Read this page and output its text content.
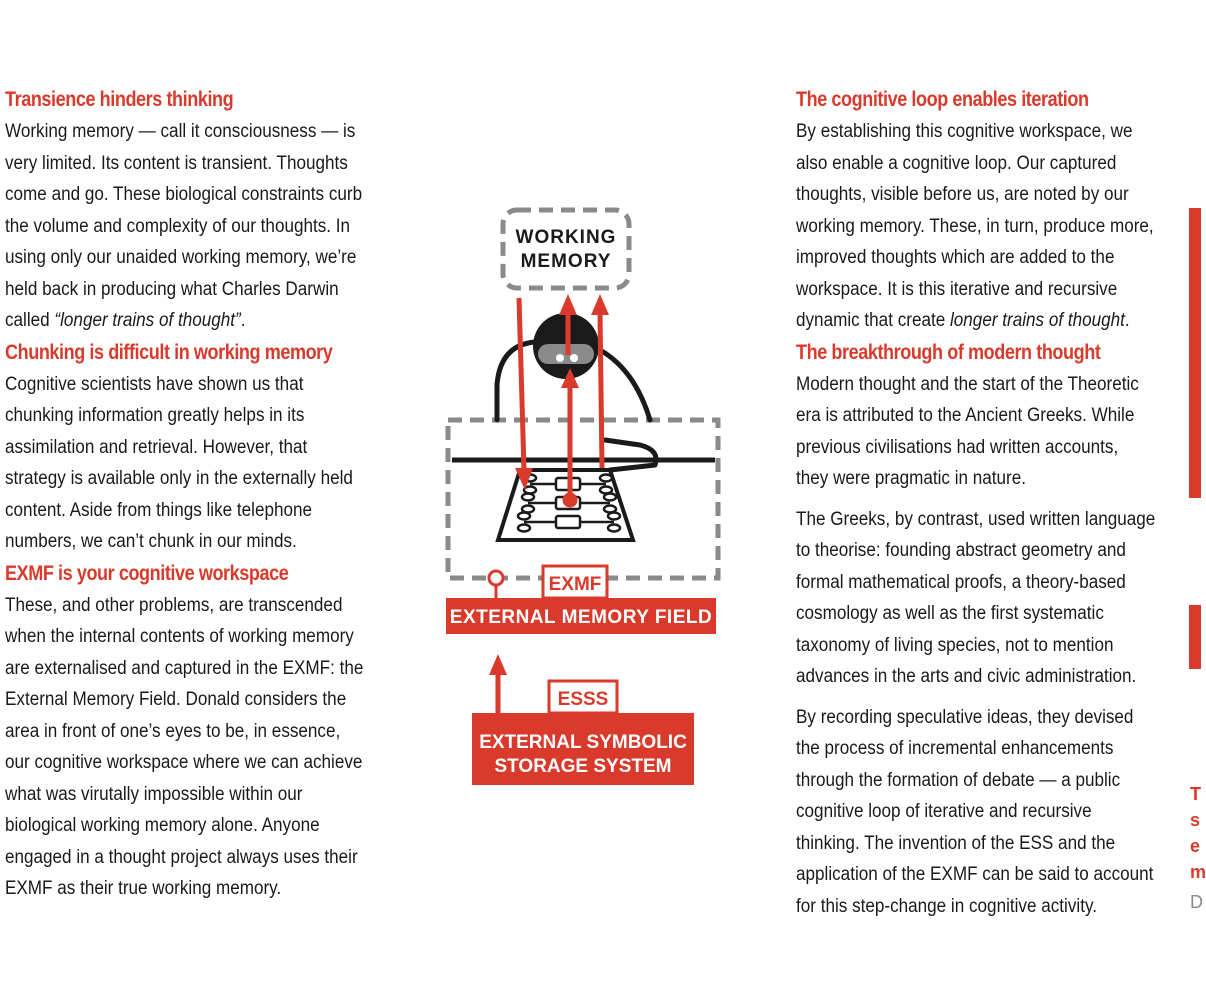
Transience hinders thinking

Working memory — call it consciousness — is
very limited. Its content is transient. Thoughts
come and go. These biological constraints curb
the volume and complexity of our thoughts. In
using only our unaided working memory, we’re
held back in producing what Charles Darwin
called “longer trains of thought”.

Chunking is difficult in working memory

Cognitive scientists have shown us that
chunking information greatly helps in its
assimilation and retrieval. However, that
strategy is available only in the externally held
content. Aside from things like telephone
numbers, we can’t chunk in our minds.

EXMF is your cognitive workspace

These, and other problems, are transcended
when the internal contents of working memory
are externalised and captured in the EXMF: the
External Memory Field. Donald considers the
area in front of one’s eyes to be, in essence,
our cognitive workspace where we can achieve
what was virutally impossible within our
biological working memory alone. Anyone
engaged in a thought project always uses their
EXMF as their true working memory.

WORKING
MEMORY
EXMF
EXTERNAL MEMORY FIELD
ESSS
EXTERNAL SYMBOLIC
STORAGE SYSTEM
The cognitive loop enables iteration

By establishing this cognitive workspace, we
also enable a cognitive loop. Our captured
thoughts, visible before us, are noted by our
working memory. These, in turn, produce more,
improved thoughts which are added to the
workspace. It is this iterative and recursive
dynamic that create longer trains of thought.

The breakthrough of modern thought

Modern thought and the start of the Theoretic
era is attributed to the Ancient Greeks. While
previous civilisations had written accounts,
they were pragmatic in nature.

The Greeks, by contrast, used written language
to theorise: founding abstract geometry and
formal mathematical proofs, a theory-based
cosmology as well as the first systematic
taxonomy of living species, not to mention
advances in the arts and civic administration.

By recording speculative ideas, they devised
the process of incremental enhancements
through the formation of debate — a public
cognitive loop of iterative and recursive
thinking. The invention of the ESS and the
application of the EXMF can be said to account
for this step-change in cognitive activity.

T
s
e
m
D
